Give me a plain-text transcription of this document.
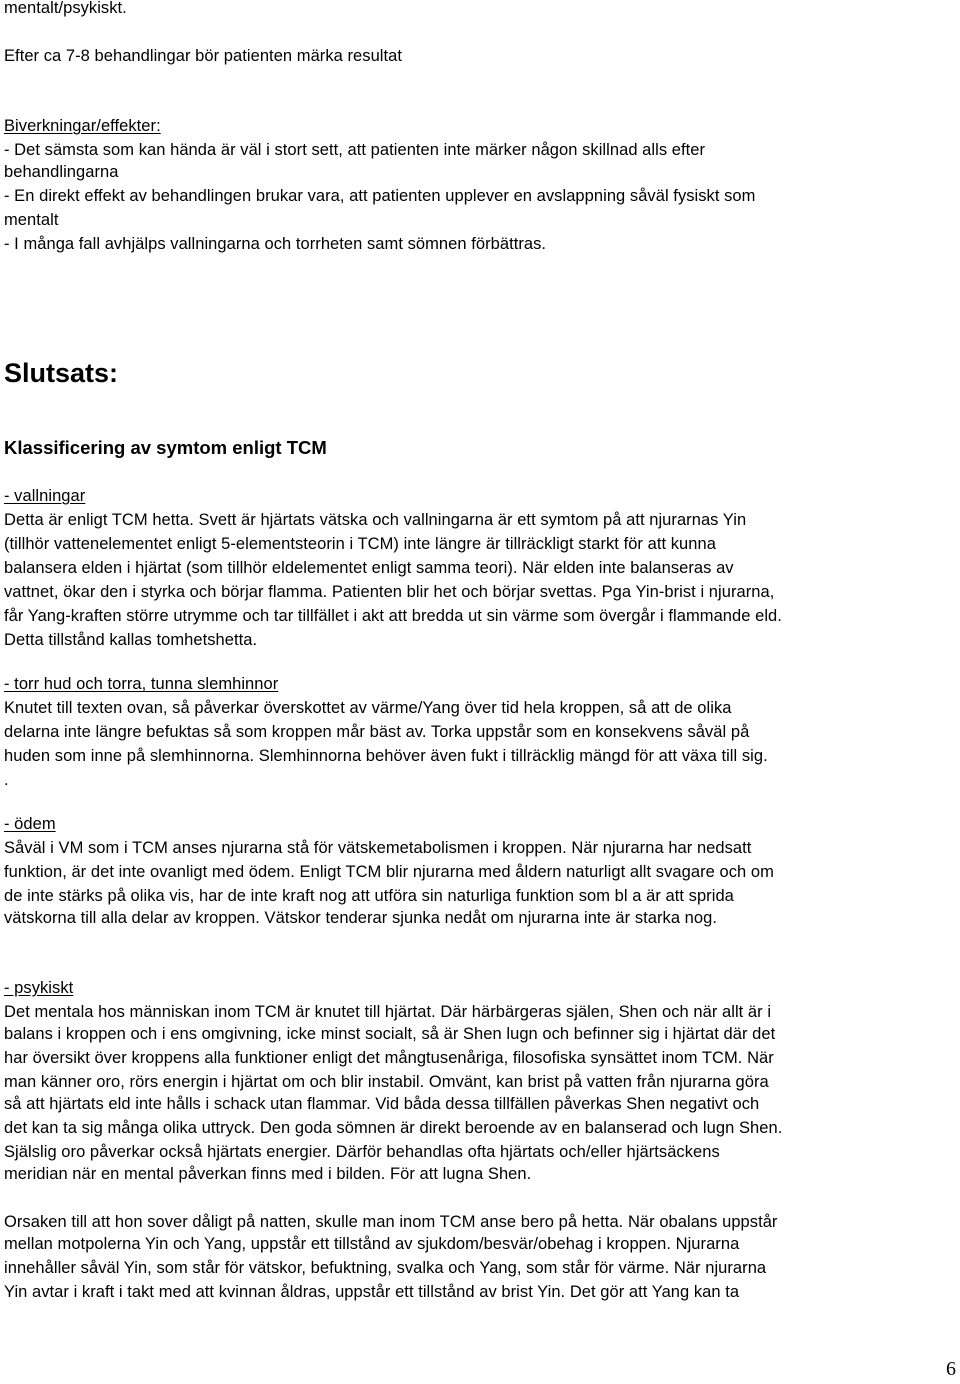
mentalt/psykiskt.
Efter ca 7-8 behandlingar bör patienten märka resultat
Biverkningar/effekter:
- Det sämsta som kan hända är väl i stort sett, att patienten inte märker någon skillnad alls efter
behandlingarna
- En direkt effekt av behandlingen brukar vara, att patienten upplever en avslappning såväl fysiskt som
mentalt
- I många fall avhjälps vallningarna och torrheten samt sömnen förbättras.
Slutsats:
Klassificering av symtom enligt TCM
- vallningar
Detta är enligt TCM hetta. Svett är hjärtats vätska och vallningarna är ett symtom på att njurarnas Yin
(tillhör vattenelementet enligt 5-elementsteorin i TCM) inte längre är tillräckligt starkt för att kunna
balansera elden i hjärtat (som tillhör eldelementet enligt samma teori). När elden inte balanseras av
vattnet, ökar den i styrka och börjar flamma. Patienten blir het och börjar svettas. Pga Yin-brist i njurarna,
får Yang-kraften större utrymme och tar tillfället i akt att bredda ut sin värme som övergår i flammande eld.
Detta tillstånd kallas tomhetshetta.
- torr hud och torra, tunna slemhinnor
Knutet till texten ovan, så påverkar överskottet av värme/Yang över tid hela kroppen, så att de olika
delarna inte längre befuktas så som kroppen mår bäst av. Torka uppstår som en konsekvens såväl på
huden som inne på slemhinnorna. Slemhinnorna behöver även fukt i tillräcklig mängd för att växa till sig.
.
- ödem
Såväl i VM som i TCM anses njurarna stå för vätskemetabolismen i kroppen. När njurarna har nedsatt
funktion, är det inte ovanligt med ödem. Enligt TCM blir njurarna med åldern naturligt allt svagare och om
de inte stärks på olika vis, har de inte kraft nog att utföra sin naturliga funktion som bl a är att sprida
vätskorna till alla delar av kroppen. Vätskor tenderar sjunka nedåt om njurarna inte är starka nog.
- psykiskt
Det mentala hos människan inom TCM är knutet till hjärtat. Där härbärgeras själen, Shen och när allt är i
balans i kroppen och i ens omgivning, icke minst socialt, så är Shen lugn och befinner sig i hjärtat där det
har översikt över kroppens alla funktioner enligt det mångtusenåriga, filosofiska synsättet inom TCM. När
man känner oro, rörs energin i hjärtat om och blir instabil. Omvänt, kan brist på vatten från njurarna göra
så att hjärtats eld inte hålls i schack utan flammar. Vid båda dessa tillfällen påverkas Shen negativt och
det kan ta sig många olika uttryck. Den goda sömnen är direkt beroende av en balanserad och lugn Shen.
Själslig oro påverkar också hjärtats energier. Därför behandlas ofta hjärtats och/eller hjärtsäckens
meridian när en mental påverkan finns med i bilden. För att lugna Shen.
Orsaken till att hon sover dåligt på natten, skulle man inom TCM anse bero på hetta. När obalans uppstår
mellan motpolerna Yin och Yang, uppstår ett tillstånd av sjukdom/besvär/obehag i kroppen. Njurarna
innehåller såväl Yin, som står för vätskor, befuktning, svalka och Yang, som står för värme. När njurarna
Yin avtar i kraft i takt med att kvinnan åldras, uppstår ett tillstånd av brist Yin. Det gör att Yang kan ta
6
